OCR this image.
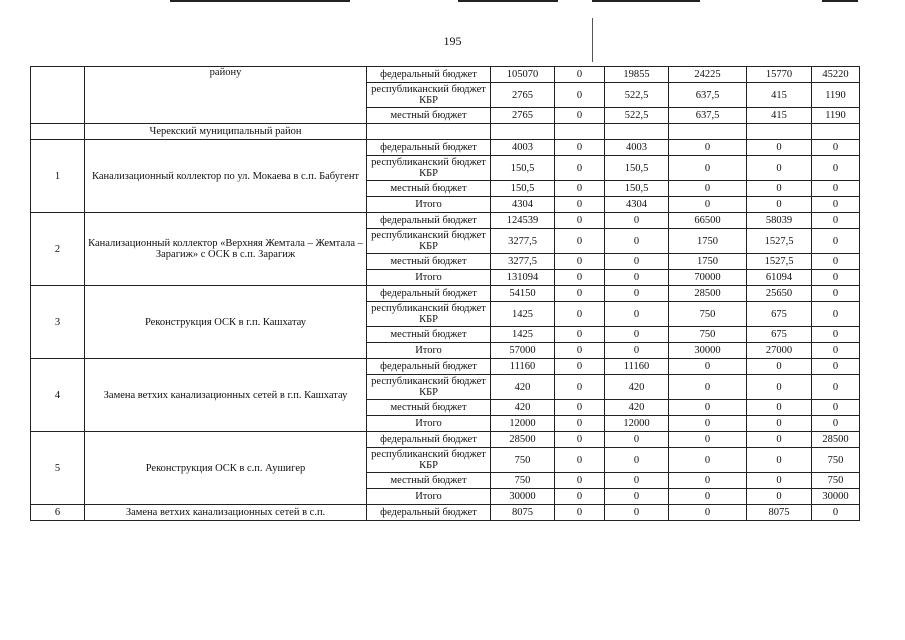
195
	району	федеральный бюджет	105070	0	19855	24225	15770	45220
		республиканский бюджет КБР	2765	0	522,5	637,5	415	1190
		местный бюджет	2765	0	522,5	637,5	415	1190
	Черекский муниципальный район							
1	Канализационный коллектор по ул. Мокаева в с.п. Бабугент	федеральный бюджет	4003	0	4003	0	0	0
		республиканский бюджет КБР	150,5	0	150,5	0	0	0
		местный бюджет	150,5	0	150,5	0	0	0
		Итого	4304	0	4304	0	0	0
2	Канализационный коллектор «Верхняя Жемтала – Жемтала – Зарагиж» с ОСК в с.п. Зарагиж	федеральный бюджет	124539	0	0	66500	58039	0
		республиканский бюджет КБР	3277,5	0	0	1750	1527,5	0
		местный бюджет	3277,5	0	0	1750	1527,5	0
		Итого	131094	0	0	70000	61094	0
3	Реконструкция ОСК в г.п. Кашхатау	федеральный бюджет	54150	0	0	28500	25650	0
		республиканский бюджет КБР	1425	0	0	750	675	0
		местный бюджет	1425	0	0	750	675	0
		Итого	57000	0	0	30000	27000	0
4	Замена ветхих канализационных сетей в г.п. Кашхатау	федеральный бюджет	11160	0	11160	0	0	0
		республиканский бюджет КБР	420	0	420	0	0	0
		местный бюджет	420	0	420	0	0	0
		Итого	12000	0	12000	0	0	0
5	Реконструкция ОСК в с.п. Аушигер	федеральный бюджет	28500	0	0	0	0	28500
		республиканский бюджет КБР	750	0	0	0	0	750
		местный бюджет	750	0	0	0	0	750
		Итого	30000	0	0	0	0	30000
6	Замена ветхих канализационных сетей в с.п.	федеральный бюджет	8075	0	0	0	8075	0
